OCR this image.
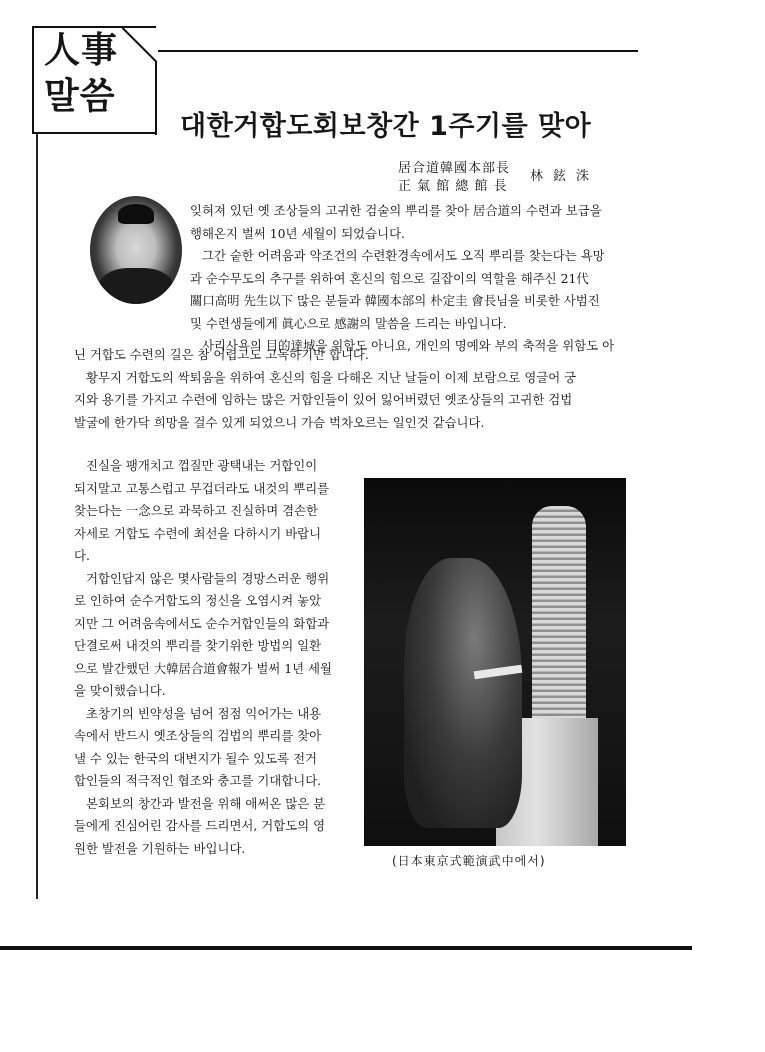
人事
말씀
대한거합도회보창간 1주기를 맞아
居合道韓國本部長
正 氣 館 總 館 長
林鉉洙
잊혀져 있던 옛 조상들의 고귀한 검술의 뿌리를 찾아 居合道의 수련과 보급을
행해온지 벌써 10년 세월이 되었습니다.
그간 숱한 어려움과 악조건의 수련환경속에서도 오직 뿌리를 찾는다는 욕망
과 순수무도의 추구를 위하여 혼신의 힘으로 길잡이의 역할을 해주신 21代
關口高明 先生以下 많은 분들과 韓國本部의 朴定圭 會長님을 비롯한 사범진
및 수련생들에게 眞心으로 感謝의 말씀을 드리는 바입니다.
사리사욕의 目的達城을 위함도 아니요, 개인의 명예와 부의 축적을 위함도 아
닌 거합도 수련의 길은 참 어렵고도 고독하기만 합니다.
황무지 거합도의 싹퇴움을 위하여 혼신의 힘을 다해온 지난 날들이 이제 보람으로 영글어 궁
지와 용기를 가지고 수련에 임하는 많은 거합인들이 있어 잃어버렸던 옛조상들의 고귀한 검법
발굴에 한가닥 희망을 걸수 있게 되었으니 가슴 벅차오르는 일인것 같습니다.
진실을 팽개치고 껍질만 광택내는 거합인이
되지말고 고통스럽고 무겁더라도 내것의 뿌리를
찾는다는 一念으로 과묵하고 진실하며 겸손한
자세로 거합도 수련에 최선을 다하시기 바랍니
다.
거합인답지 않은 몇사람들의 경망스러운 행위
로 인하여 순수거합도의 정신을 오염시켜 놓았
지만 그 어려움속에서도 순수거합인들의 화합과
단결로써 내것의 뿌리를 찾기위한 방법의 일환
으로 발간했던 大韓居合道會報가 벌써 1년 세월
을 맞이했습니다.
초창기의 빈약성을 넘어 점점 익어가는 내용
속에서 반드시 옛조상들의 검법의 뿌리를 찾아
낼 수 있는 한국의 대변지가 될수 있도록 전거
합인들의 적극적인 협조와 충고를 기대합니다.
본회보의 창간과 발전을 위해 애써온 많은 분
들에게 진심어린 감사를 드리면서, 거합도의 영
원한 발전을 기원하는 바입니다.
(日本東京式範演武中에서)
